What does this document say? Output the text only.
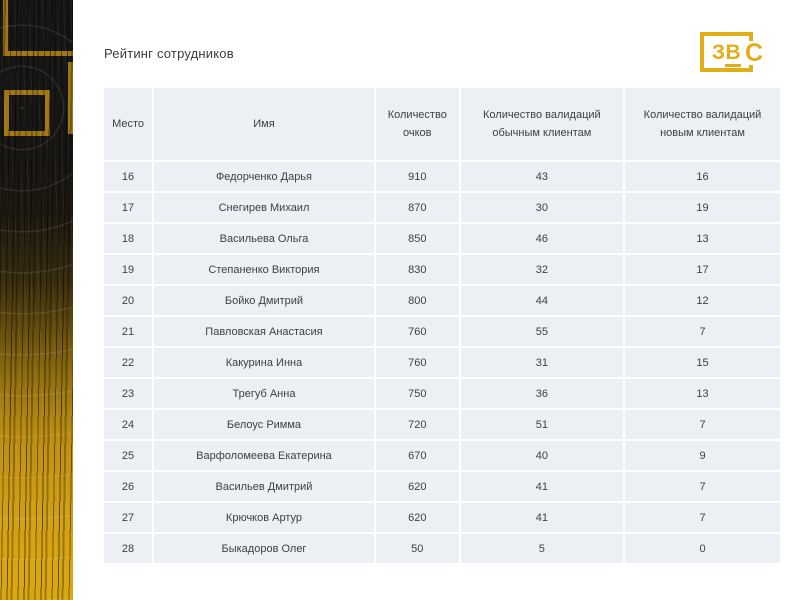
Рейтинг сотрудников	ЗВ С
Место	Имя	Количество очков	Количество валидаций обычным клиентам	Количество валидаций новым клиентам
16	Федорченко Дарья	910	43	16
17	Снегирев Михаил	870	30	19
18	Васильева Ольга	850	46	13
19	Степаненко Виктория	830	32	17
20	Бойко Дмитрий	800	44	12
21	Павловская Анастасия	760	55	7
22	Какурина Инна	760	31	15
23	Трегуб Анна	750	36	13
24	Белоус Римма	720	51	7
25	Варфоломеева Екатерина	670	40	9
26	Васильев Дмитрий	620	41	7
27	Крючков Артур	620	41	7
28	Быкадоров Олег	50	5	0
